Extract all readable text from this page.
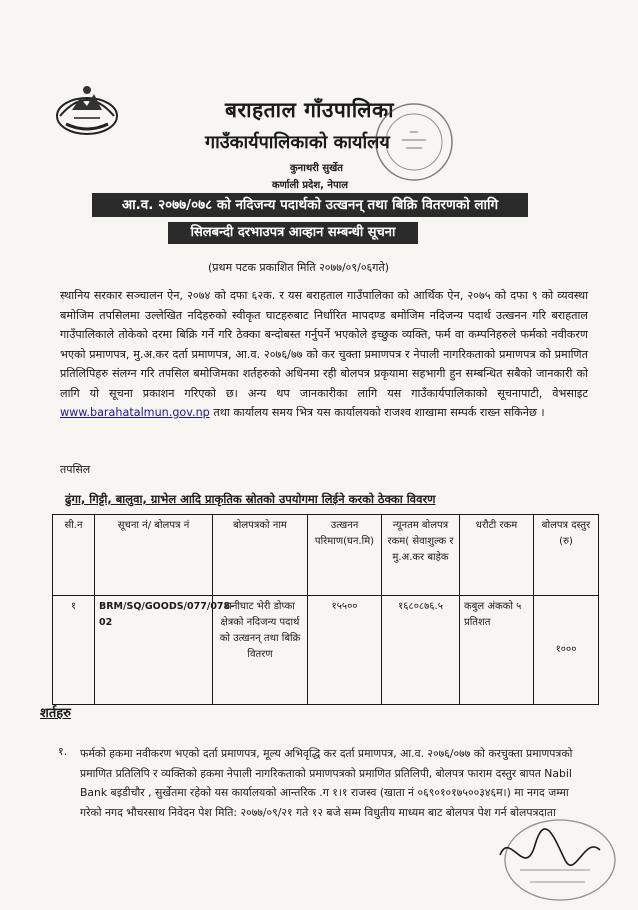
बराहताल गाँउपालिका
गाउँकार्यपालिकाको कार्यालय
कुनाथरी सुर्खेत
कर्णाली प्रदेश, नेपाल
आ.व. २०७७/०७८ को नदिजन्य पदार्थको उत्खनन् तथा बिक्रि वितरणको लागि
सिलबन्दी दरभाउपत्र आव्हान सम्बन्धी सूचना
(प्रथम पटक प्रकाशित मिति २०७७/०९/०६गते)
स्थानिय सरकार सञ्चालन ऐन, २०७४ को दफा ६२क. र यस बराहताल गाउँपालिका को आर्थिक ऐन, २०७५ को दफा ९ को व्यवस्था बमोजिम तपसिलमा उल्लेखित नदिहरुको स्वीकृत घाटहरुबाट निर्धारित मापदण्ड बमोजिम नदिजन्य पदार्थ उत्खनन गरि बराहताल गाउँपालिकाले तोकेको दरमा बिक्रि गर्ने गरि ठेक्का बन्दोबस्त गर्नुपर्ने भएकोले इच्छुक व्यक्ति, फर्म वा कम्पनिहरुले फर्मको नवीकरण भएको प्रमाणपत्र, मु.अ.कर दर्ता प्रमाणपत्र, आ.व. २०७६/७७ को कर चुक्ता प्रमाणपत्र र नेपाली नागरिकताको प्रमाणपत्र को प्रमाणित प्रतिलिपिहरु संलग्न गरि तपसिल बमोजिमका शर्तहरुको अधिनमा रही बोलपत्र प्रकृयामा सहभागी हुन सम्बन्धित सबैको जानकारी को लागि यो सूचना प्रकाशन गरिएको छ। अन्य थप जानकारीका लागि यस गाउँकार्यपालिकाको सूचनापाटी, वेभसाइट www.barahatalmun.gov.np तथा कार्यालय समय भित्र यस कार्यालयको राजश्व शाखामा सम्पर्क राख्न सकिनेछ ।
तपसिल
ढुंगा, गिट्टी, बालुवा, ग्राभेल आदि प्राकृतिक स्रोतको उपयोगमा लिईने करको ठेक्का विवरण
सी.न	सूचना नं/ बोलपत्र नं	बोलपत्रको नाम	उत्खनन परिमाण(घन.मि)	न्यूनतम बोलपत्र रकम( सेवाशुल्क र मु.अ.कर बाहेक	धरौटी रकम	बोलपत्र दस्तुर (रु)
१	BRM/SQ/GOODS/077/078-02	रानीघाट भेरी डोप्का क्षेत्रको नदिजन्य पदार्थ को उत्खनन् तथा बिक्रि वितरण	१५५००	१६८०८७६.५	कबुल अंकको ५ प्रतिशत	१०००
शर्तहरु
१. फर्मको हकमा नवीकरण भएको दर्ता प्रमाणपत्र, मूल्य अभिवृद्धि कर दर्ता प्रमाणपत्र, आ.व. २०७६/०७७ को करचुक्ता प्रमाणपत्रको प्रमाणित प्रतिलिपि र व्यक्तिको हकमा नेपाली नागरिकताको प्रमाणपत्रको प्रमाणित प्रतिलिपी, बोलपत्र फाराम दस्तुर बापत Nabil Bank बइडीचौर , सुर्खेतमा रहेको यस कार्यालयको आन्तरिक .ग १।१ राजस्व (खाता नं ०६९०१०१७५००३४६म।) मा नगद जम्मा गरेको नगद भौचरसाथ निवेदन पेश मिति: २०७७/०९/२१ गते १२ बजे सम्म विधुतीय माध्यम बाट बोलपत्र पेश गर्न बोलपत्रदाता
